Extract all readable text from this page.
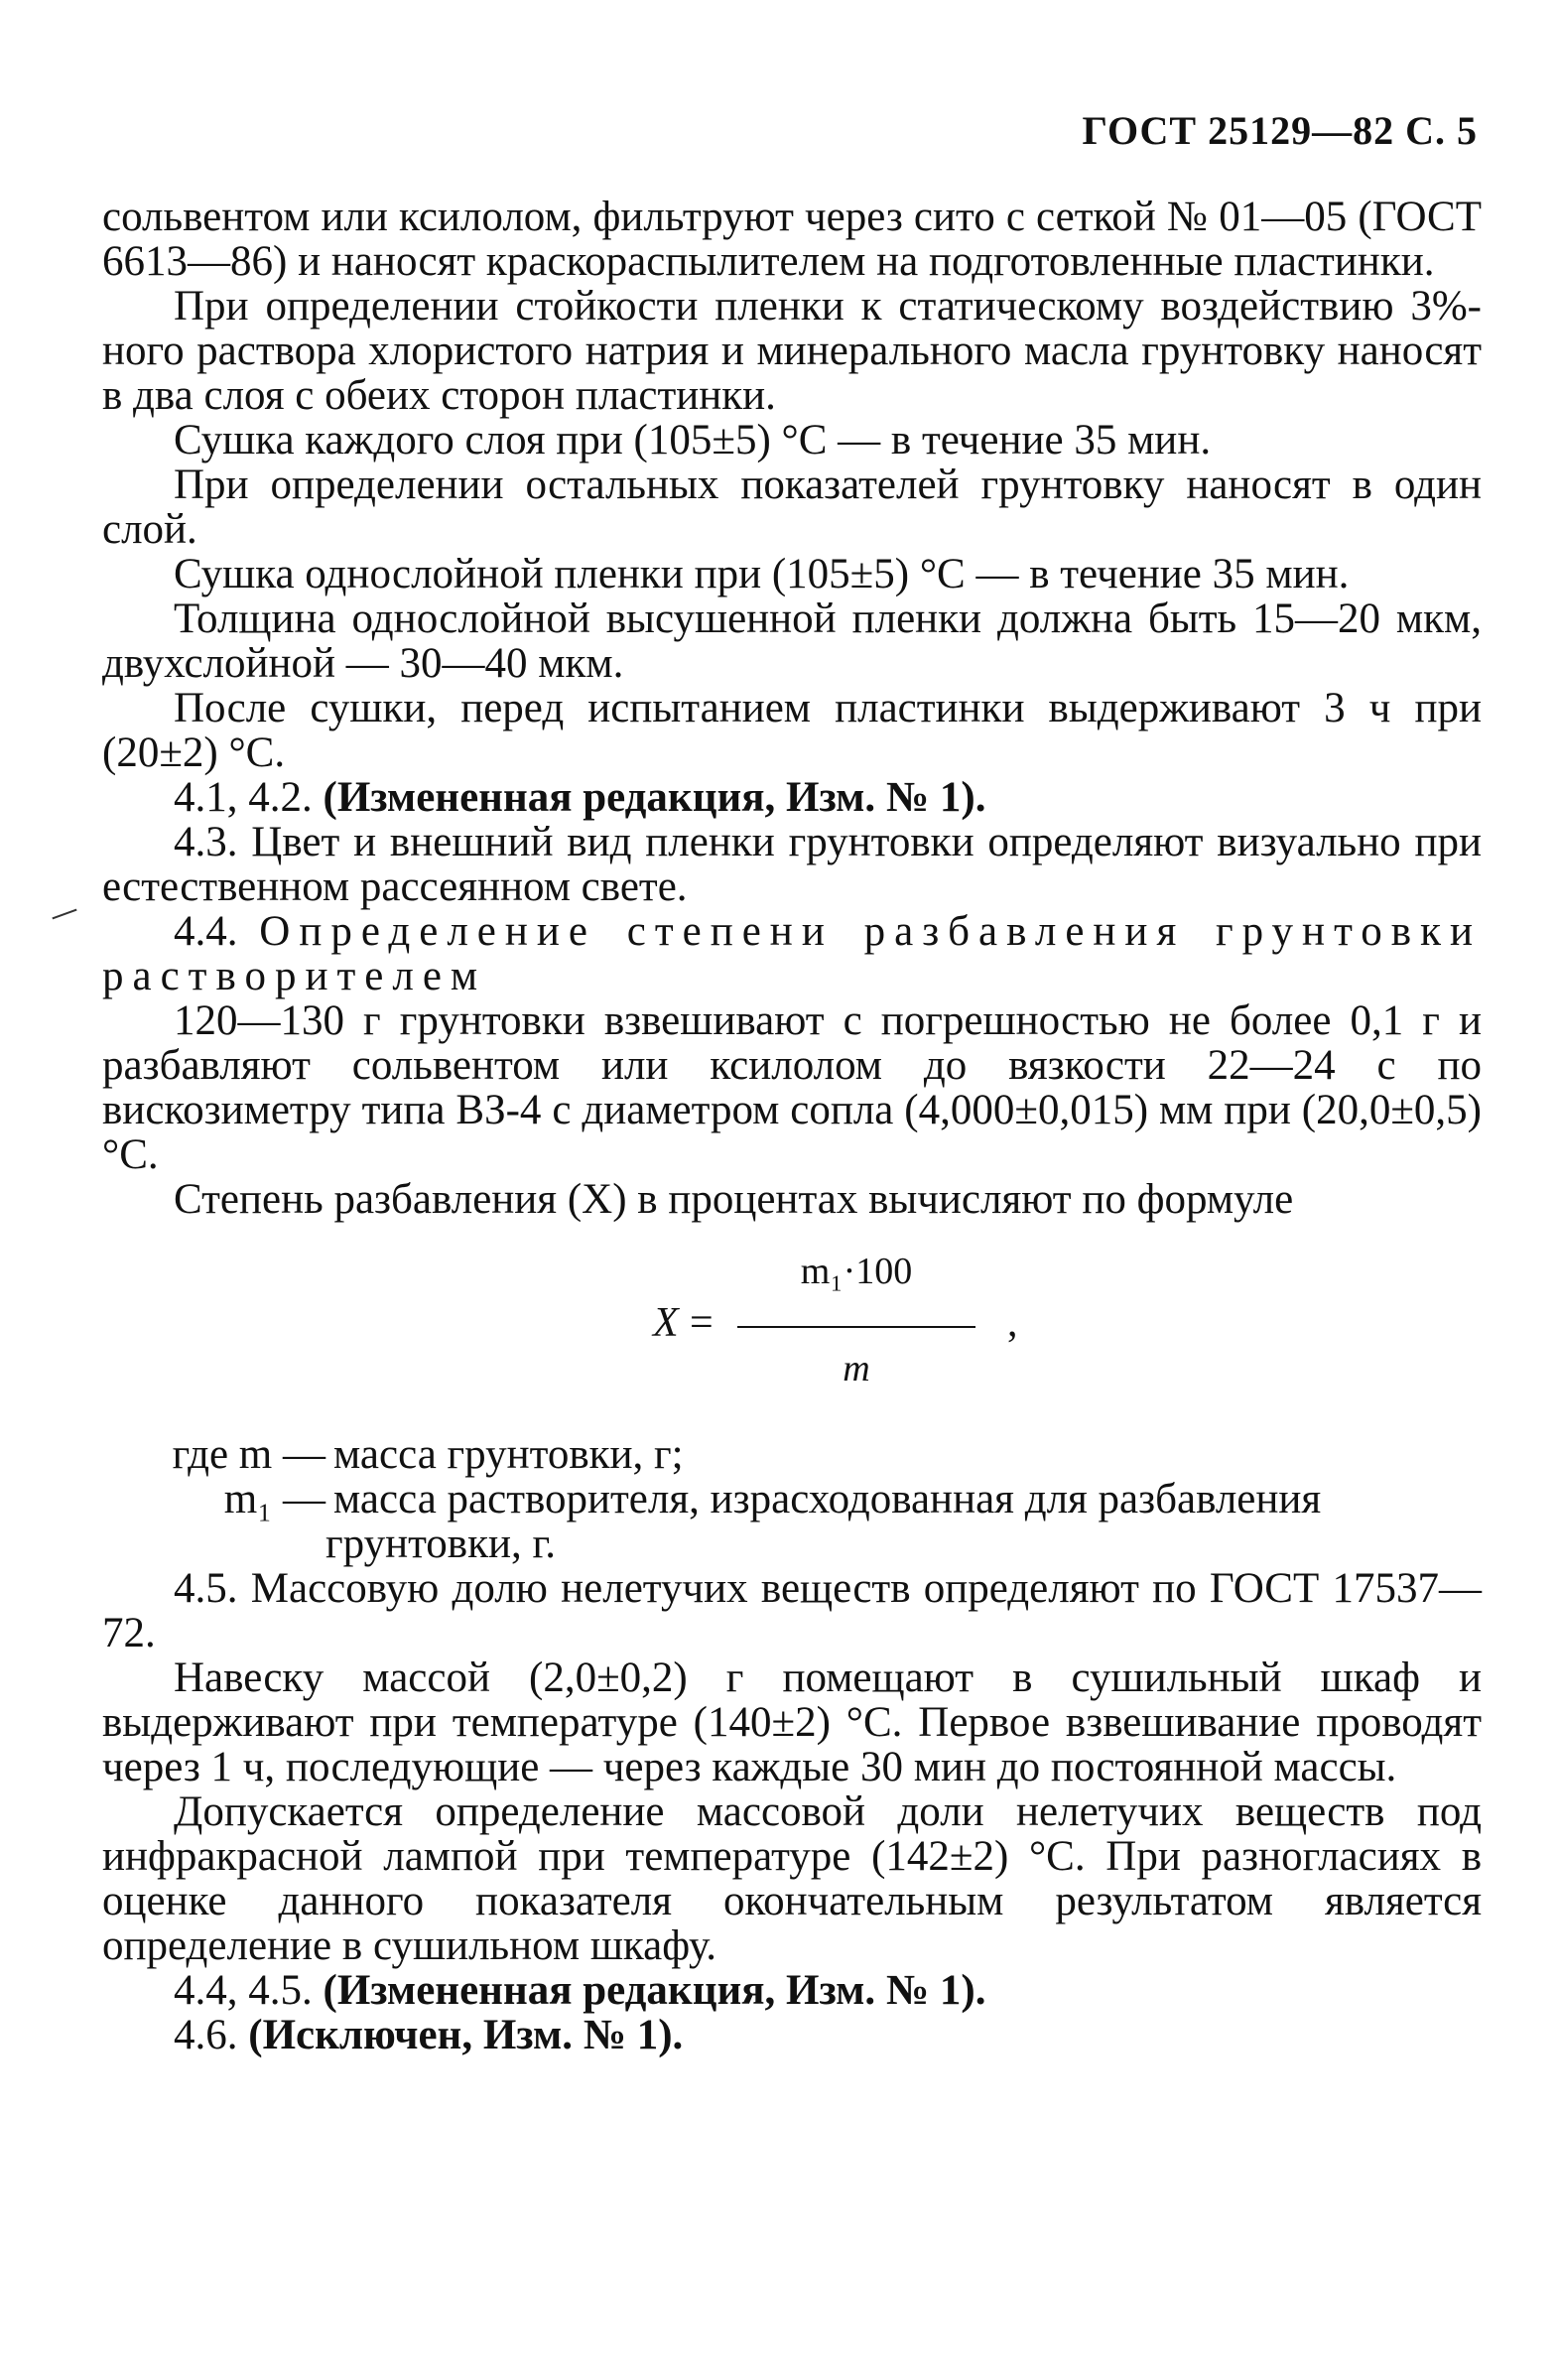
ГОСТ 25129—82 С. 5

сольвентом или ксилолом, фильтруют через сито с сеткой № 01—05 (ГОСТ 6613—86) и наносят краскораспылителем на подготовленные пластинки.

При определении стойкости пленки к статическому воздействию 3%-ного раствора хлористого натрия и минерального масла грунтовку наносят в два слоя с обеих сторон пластинки.

Сушка каждого слоя при (105±5) °С — в течение 35 мин.

При определении остальных показателей грунтовку наносят в один слой.

Сушка однослойной пленки при (105±5) °С — в течение 35 мин.

Толщина однослойной высушенной пленки должна быть 15—20 мкм, двухслойной — 30—40 мкм.

После сушки, перед испытанием пластинки выдерживают 3 ч при (20±2) °С.

4.1, 4.2. (Измененная редакция, Изм. № 1).

4.3. Цвет и внешний вид пленки грунтовки определяют визуально при естественном рассеянном свете.

4.4. Определение степени разбавления грунтовки растворителем

120—130 г грунтовки взвешивают с погрешностью не более 0,1 г и разбавляют сольвентом или ксилолом до вязкости 22—24 с по вискозиметру типа ВЗ-4 с диаметром сопла (4,000±0,015) мм при (20,0±0,5) °С.

Степень разбавления (X) в процентах вычисляют по формуле

X =
m₁·100
m
,
где m — масса грунтовки, г;
m₁ — масса растворителя, израсходованная для разбавления

грунтовки, г.

4.5. Массовую долю нелетучих веществ определяют по ГОСТ 17537—72.

Навеску массой (2,0±0,2) г помещают в сушильный шкаф и выдерживают при температуре (140±2) °С. Первое взвешивание проводят через 1 ч, последующие — через каждые 30 мин до постоянной массы.

Допускается определение массовой доли нелетучих веществ под инфракрасной лампой при температуре (142±2) °С. При разногласиях в оценке данного показателя окончательным результатом является определение в сушильном шкафу.

4.4, 4.5. (Измененная редакция, Изм. № 1).

4.6. (Исключен, Изм. № 1).
